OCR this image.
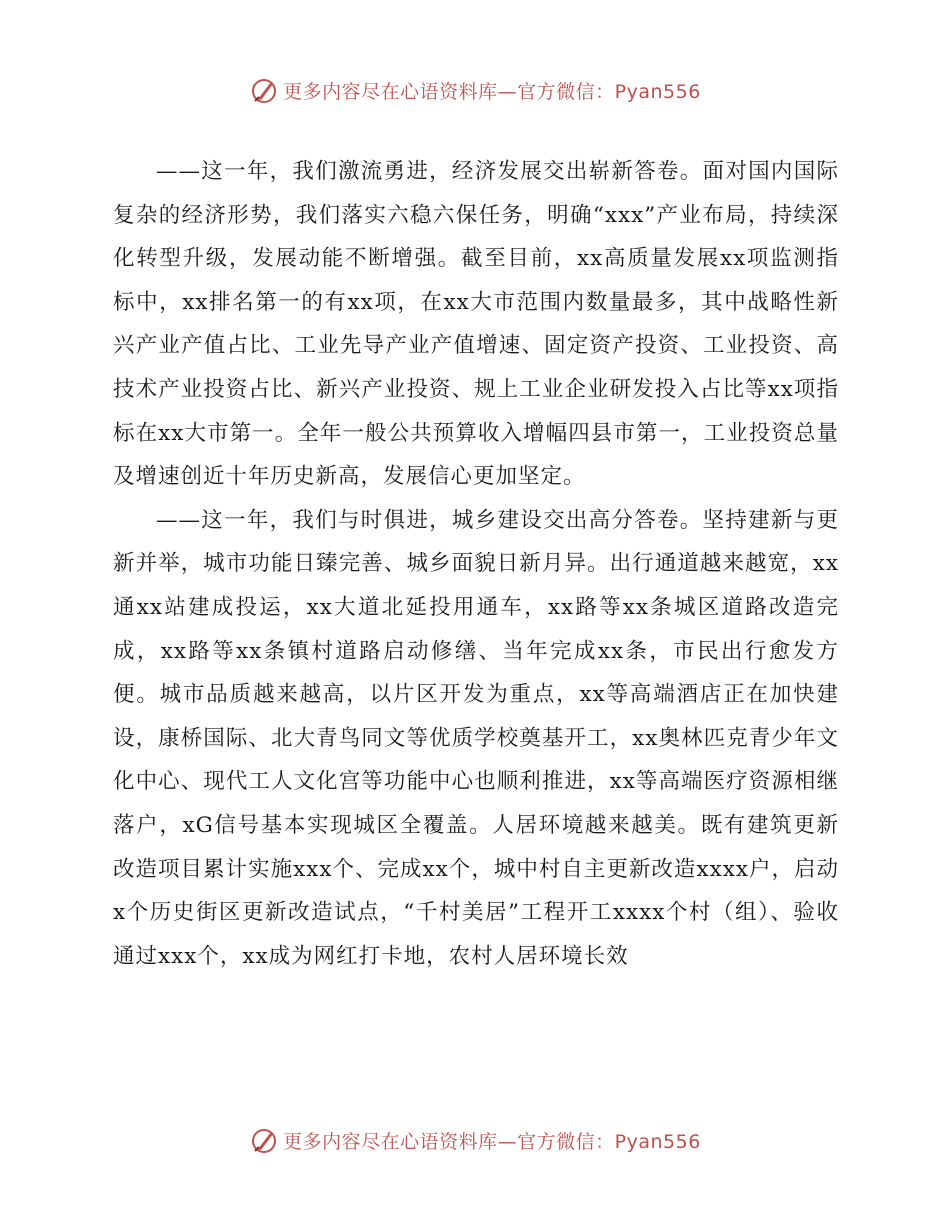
更多内容尽在心语资料库—官方微信：Pyan556

——这一年，我们激流勇进，经济发展交出崭新答卷。面对国内国际复杂的经济形势，我们落实六稳六保任务，明确“xxx”产业布局，持续深化转型升级，发展动能不断增强。截至目前，xx高质量发展xx项监测指标中，xx排名第一的有xx项，在xx大市范围内数量最多，其中战略性新兴产业产值占比、工业先导产业产值增速、固定资产投资、工业投资、高技术产业投资占比、新兴产业投资、规上工业企业研发投入占比等xx项指标在xx大市第一。全年一般公共预算收入增幅四县市第一，工业投资总量及增速创近十年历史新高，发展信心更加坚定。

——这一年，我们与时俱进，城乡建设交出高分答卷。坚持建新与更新并举，城市功能日臻完善、城乡面貌日新月异。出行通道越来越宽，xx通xx站建成投运，xx大道北延投用通车，xx路等xx条城区道路改造完成，xx路等xx条镇村道路启动修缮、当年完成xx条，市民出行愈发方便。城市品质越来越高，以片区开发为重点，xx等高端酒店正在加快建设，康桥国际、北大青鸟同文等优质学校奠基开工，xx奥林匹克青少年文化中心、现代工人文化宫等功能中心也顺利推进，xx等高端医疗资源相继落户，xG信号基本实现城区全覆盖。人居环境越来越美。既有建筑更新改造项目累计实施xxx个、完成xx个，城中村自主更新改造xxxx户，启动x个历史街区更新改造试点，“千村美居”工程开工xxxx个村（组）、验收通过xxx个，xx成为网红打卡地，农村人居环境长效

更多内容尽在心语资料库—官方微信：Pyan556
